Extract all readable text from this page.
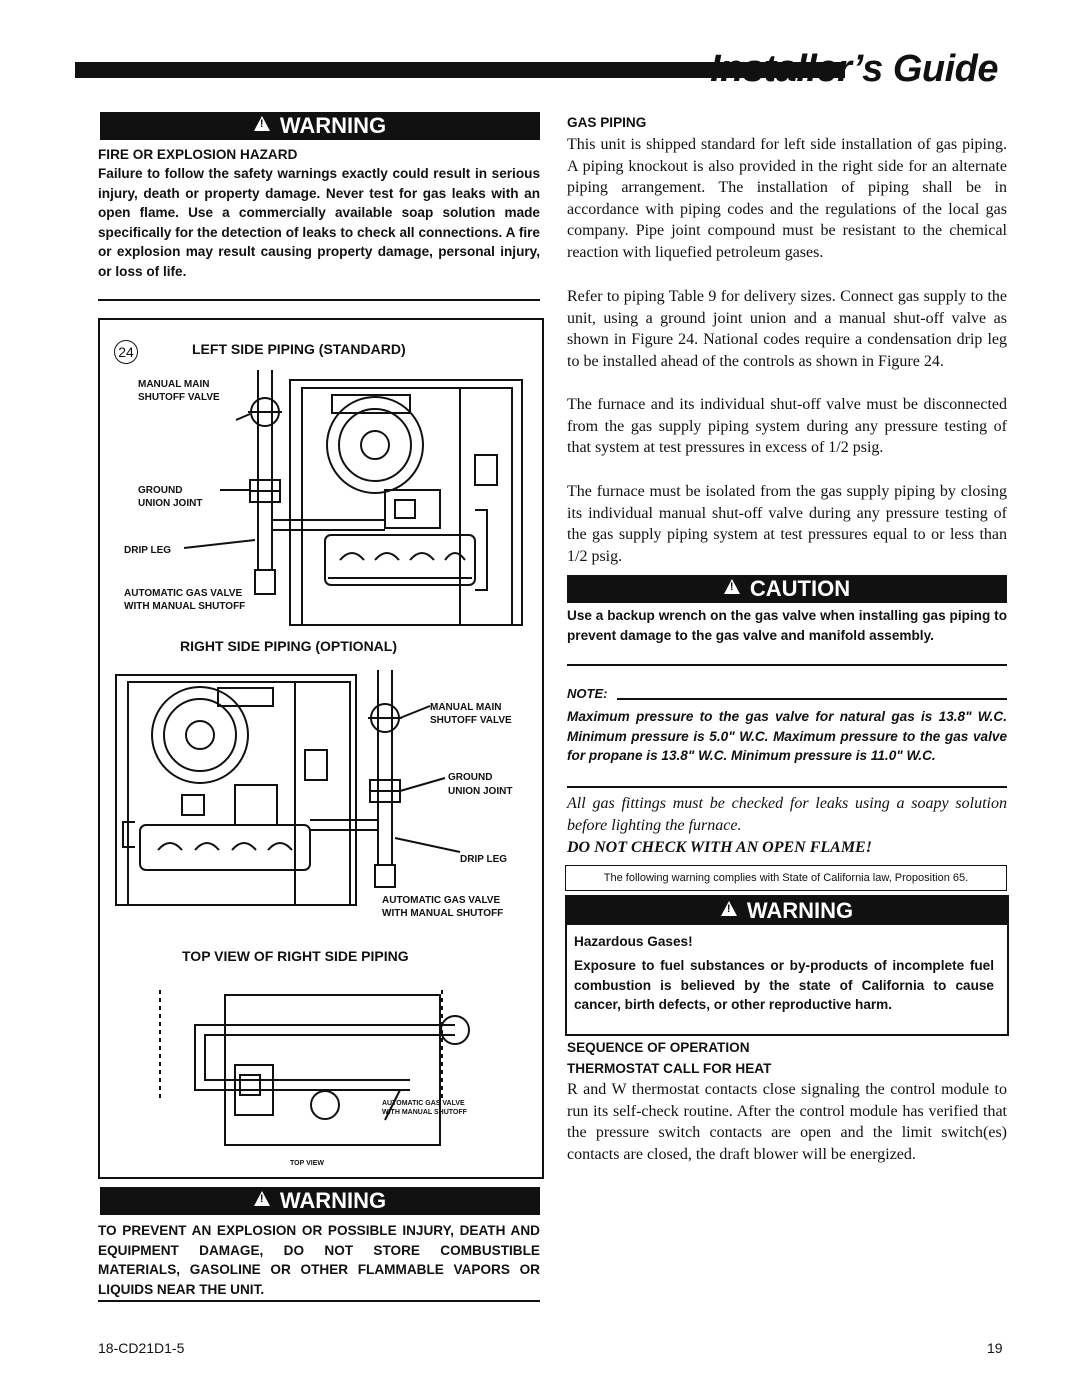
Installer’s Guide
!WARNING
FIRE OR EXPLOSION HAZARD
Failure to follow the safety warnings exactly could result in serious injury, death or property damage. Never test for gas leaks with an open flame. Use a commercially available soap solution made specifically for the detection of leaks to check all connections. A fire or explosion may result causing property damage, personal injury, or loss of life.
24	LEFT SIDE PIPING (STANDARD)
MANUAL MAIN
SHUTOFF VALVE
GROUND
UNION JOINT
DRIP LEG
AUTOMATIC GAS VALVE
WITH MANUAL SHUTOFF
RIGHT SIDE PIPING (OPTIONAL)
MANUAL MAIN
SHUTOFF VALVE
GROUND
UNION JOINT
DRIP LEG
AUTOMATIC GAS VALVE
WITH MANUAL SHUTOFF
TOP VIEW OF RIGHT SIDE PIPING
AUTOMATIC GAS VALVE
WITH MANUAL SHUTOFF
TOP VIEW
!WARNING
TO PREVENT AN EXPLOSION OR POSSIBLE INJURY, DEATH AND EQUIPMENT DAMAGE, DO NOT STORE COMBUSTIBLE MATERIALS, GASOLINE OR OTHER FLAMMABLE VAPORS OR LIQUIDS NEAR THE UNIT.
GAS PIPING
This unit is shipped standard for left side installation of gas piping. A piping knockout is also provided in the right side for an alternate piping arrangement. The installation of piping shall be in accordance with piping codes and the regulations of the local gas company. Pipe joint compound must be resistant to the chemical reaction with liquefied petroleum gases.
Refer to piping Table 9 for delivery sizes. Connect gas supply to the unit, using a ground joint union and a manual shut-off valve as shown in Figure 24. National codes require a condensation drip leg to be installed ahead of the controls as shown in Figure 24.
The furnace and its individual shut-off valve must be disconnected from the gas supply piping system during any pressure testing of that system at test pressures in excess of 1/2 psig.
The furnace must be isolated from the gas supply piping by closing its individual manual shut-off valve during any pressure testing of the gas supply piping system at test pressures equal to or less than 1/2 psig.
!CAUTION
Use a backup wrench on the gas valve when installing gas piping to prevent damage to the gas valve and manifold assembly.
NOTE:
Maximum pressure to the gas valve for natural gas is 13.8" W.C. Minimum pressure is 5.0" W.C. Maximum pressure to the gas valve for propane is 13.8" W.C. Minimum pressure is 11.0" W.C.
All gas fittings must be checked for leaks using a soapy solution before lighting the furnace.
DO NOT CHECK WITH AN OPEN FLAME!
The following warning complies with State of California law, Proposition 65.
!WARNING
Hazardous Gases!
Exposure to fuel substances or by-products of incomplete fuel combustion is believed by the state of California to cause cancer, birth defects, or other reproductive harm.
SEQUENCE OF OPERATION
THERMOSTAT CALL FOR HEAT
R and W thermostat contacts close signaling the control module to run its self-check routine. After the control module has verified that the pressure switch contacts are open and the limit switch(es) contacts are closed, the draft blower will be energized.
18-CD21D1-5	19
